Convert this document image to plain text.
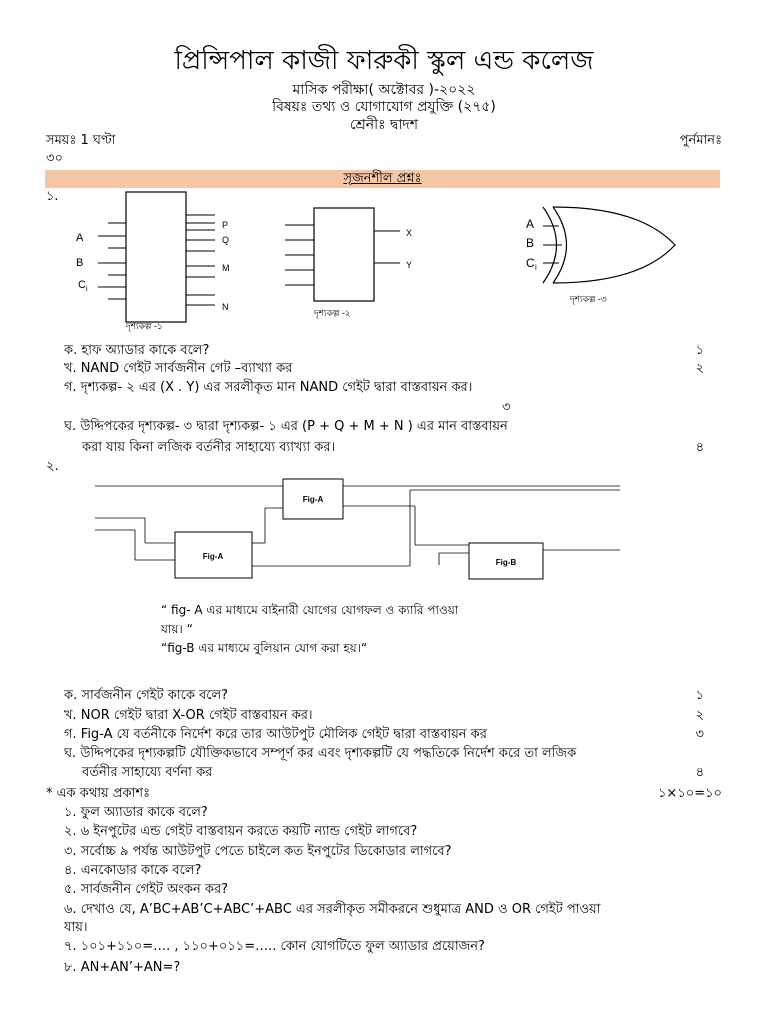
প্রিন্সিপাল কাজী ফারুকী স্কুল এন্ড কলেজ
মাসিক পরীক্ষা( অক্টোবর )-২০২২
বিষয়ঃ তথ্য ও যোগাযোগ প্রযুক্তি (২৭৫)
শ্রেনীঃ দ্বাদশ
সময়ঃ 1 ঘণ্টা	পুর্নমানঃ
৩০
সৃজনশীল প্রশ্নঃ
১.
A
B
C i
P
Q
M
N
দৃশ্যকল্প -১
X
Y
দৃশ্যকল্প -২
A
B
C i
দৃশ্যকল্প -৩
ক. হাফ অ্যাডার কাকে বলে?	১
খ. NAND গেইট সার্বজনীন গেট –ব্যাখ্যা কর	২
গ. দৃশ্যকল্প- ২ এর (X . Y) এর সরলীকৃত মান NAND গেইট দ্বারা বাস্তবায়ন কর।
৩
ঘ. উদ্দিপকের দৃশ্যকল্প- ৩ দ্বারা দৃশ্যকল্প- ১ এর (P + Q + M + N ) এর মান বাস্তবায়ন
করা যায় কিনা লজিক বর্তনীর সাহায্যে ব্যাখ্যা কর।	৪
২.
Fig-A
Fig-A
Fig-B
“ fig- A এর মাধ্যমে বাইনারী যোগের যোগফল ও ক্যারি পাওয়া
যায়। “
“fig-B এর মাধ্যমে বুলিয়ান যোগ করা হয়।“
ক. সার্বজনীন গেইট কাকে বলে?	১
খ. NOR গেইট দ্বারা X-OR গেইট বাস্তবায়ন কর।	২
গ. Fig-A যে বর্তনীকে নির্দেশ করে তার আউটপুট মৌলিক গেইট দ্বারা বাস্তবায়ন কর	৩
ঘ. উদ্দিপকের দৃশ্যকল্পটি যৌক্তিকভাবে সম্পূর্ণ কর এবং দৃশ্যকল্পটি যে পদ্ধতিকে নির্দেশ করে তা লজিক
বর্তনীর সাহায্যে বর্ণনা কর	৪
* এক কথায় প্রকাশঃ	১×১০=১০
১. ফুল অ্যাডার কাকে বলে?
২. ৬ ইনপুটের এন্ড গেইট বাস্তবায়ন করতে কয়টি ন্যান্ড গেইট লাগবে?
৩. সর্বোচ্চ ৯ পর্যন্ত আউটপুট পেতে চাইলে কত ইনপুটের ডিকোডার লাগবে?
৪. এনকোডার কাকে বলে?
৫. সার্বজনীন গেইট অংকন কর?
৬. দেখাও যে, A’BC+AB’C+ABC’+ABC এর সরলীকৃত সমীকরনে শুধুমাত্র AND ও OR গেইট পাওয়া
যায়।
৭. ১০১+১১০=…. , ১১০+০১১=….. কোন যোগটিতে ফুল অ্যাডার প্রয়োজন?
৮. AN+AN’+AN=?
